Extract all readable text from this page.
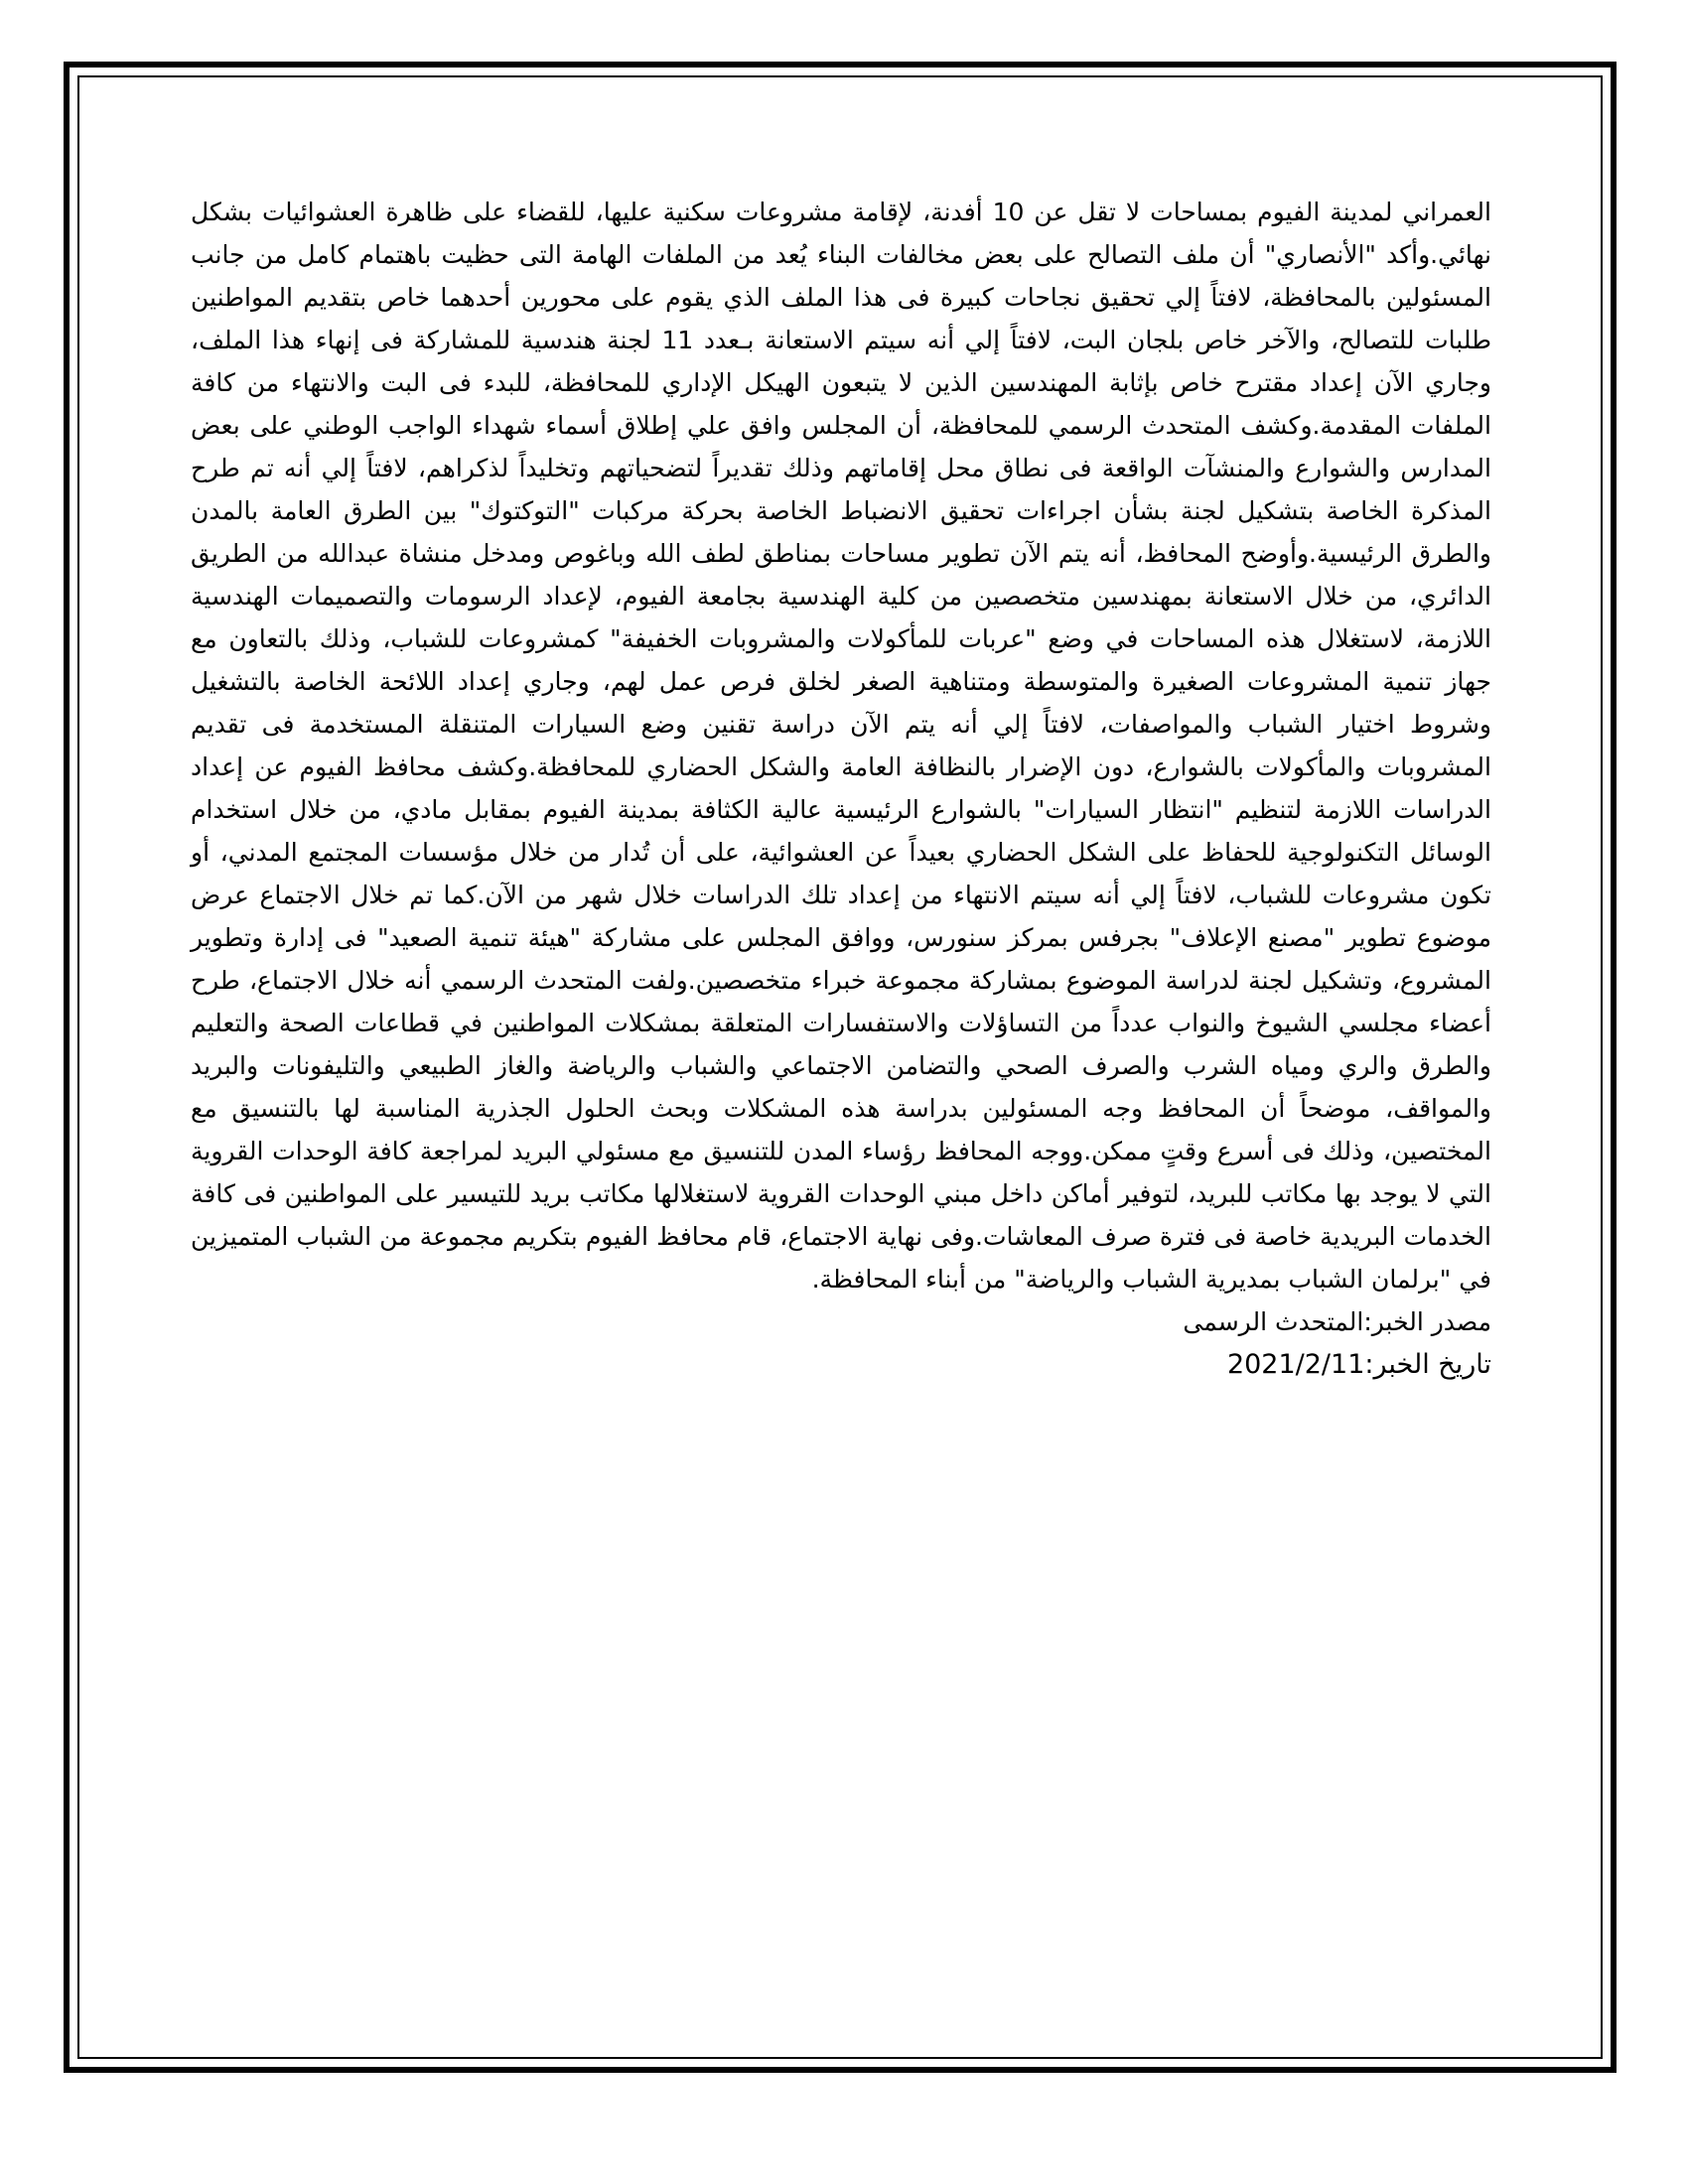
العمراني لمدينة الفيوم بمساحات لا تقل عن 10 أفدنة، لإقامة مشروعات سكنية عليها، للقضاء على ظاهرة العشوائيات بشكل نهائي.وأكد "الأنصاري" أن ملف التصالح على بعض مخالفات البناء يُعد من الملفات الهامة التى حظيت باهتمام كامل من جانب المسئولين بالمحافظة، لافتاً إلي تحقيق نجاحات كبيرة فى هذا الملف الذي يقوم على محورين أحدهما خاص بتقديم المواطنين طلبات للتصالح، والآخر خاص بلجان البت، لافتاً إلي أنه سيتم الاستعانة بـعدد 11 لجنة هندسية للمشاركة فى إنهاء هذا الملف، وجاري الآن إعداد مقترح خاص بإثابة المهندسين الذين لا يتبعون الهيكل الإداري للمحافظة، للبدء فى البت والانتهاء من كافة الملفات المقدمة.وكشف المتحدث الرسمي للمحافظة، أن المجلس وافق علي إطلاق أسماء شهداء الواجب الوطني على بعض المدارس والشوارع والمنشآت الواقعة فى نطاق محل إقاماتهم وذلك تقديراً لتضحياتهم وتخليداً لذكراهم، لافتاً إلي أنه تم طرح المذكرة الخاصة بتشكيل لجنة بشأن اجراءات تحقيق الانضباط الخاصة بحركة مركبات "التوكتوك" بين الطرق العامة بالمدن والطرق الرئيسية.وأوضح المحافظ، أنه يتم الآن تطوير مساحات بمناطق لطف الله وباغوص ومدخل منشاة عبدالله من الطريق الدائري، من خلال الاستعانة بمهندسين متخصصين من كلية الهندسية بجامعة الفيوم، لإعداد الرسومات والتصميمات الهندسية اللازمة، لاستغلال هذه المساحات في وضع "عربات للمأكولات والمشروبات الخفيفة" كمشروعات للشباب، وذلك بالتعاون مع جهاز تنمية المشروعات الصغيرة والمتوسطة ومتناهية الصغر لخلق فرص عمل لهم، وجاري إعداد اللائحة الخاصة بالتشغيل وشروط اختيار الشباب والمواصفات، لافتاً إلي أنه يتم الآن دراسة تقنين وضع السيارات المتنقلة المستخدمة فى تقديم المشروبات والمأكولات بالشوارع، دون الإضرار بالنظافة العامة والشكل الحضاري للمحافظة.وكشف محافظ الفيوم عن إعداد الدراسات اللازمة لتنظيم "انتظار السيارات" بالشوارع الرئيسية عالية الكثافة بمدينة الفيوم بمقابل مادي، من خلال استخدام الوسائل التكنولوجية للحفاظ على الشكل الحضاري بعيداً عن العشوائية، على أن تُدار من خلال مؤسسات المجتمع المدني، أو تكون مشروعات للشباب، لافتاً إلي أنه سيتم الانتهاء من إعداد تلك الدراسات خلال شهر من الآن.كما تم خلال الاجتماع عرض موضوع تطوير "مصنع الإعلاف" بجرفس بمركز سنورس، ووافق المجلس على مشاركة "هيئة تنمية الصعيد" فى إدارة وتطوير المشروع، وتشكيل لجنة لدراسة الموضوع بمشاركة مجموعة خبراء متخصصين.ولفت المتحدث الرسمي أنه خلال الاجتماع، طرح أعضاء مجلسي الشيوخ والنواب عدداً من التساؤلات والاستفسارات المتعلقة بمشكلات المواطنين في قطاعات الصحة والتعليم والطرق والري ومياه الشرب والصرف الصحي والتضامن الاجتماعي والشباب والرياضة والغاز الطبيعي والتليفونات والبريد والمواقف، موضحاً أن المحافظ وجه المسئولين بدراسة هذه المشكلات وبحث الحلول الجذرية المناسبة لها بالتنسيق مع المختصين، وذلك فى أسرع وقتٍ ممكن.ووجه المحافظ رؤساء المدن للتنسيق مع مسئولي البريد لمراجعة كافة الوحدات القروية التي لا يوجد بها مكاتب للبريد، لتوفير أماكن داخل مبني الوحدات القروية لاستغلالها مكاتب بريد للتيسير على المواطنين فى كافة الخدمات البريدية خاصة فى فترة صرف المعاشات.وفى نهاية الاجتماع، قام محافظ الفيوم بتكريم مجموعة من الشباب المتميزين في "برلمان الشباب بمديرية الشباب والرياضة" من أبناء المحافظة.

مصدر الخبر:المتحدث الرسمى

تاريخ الخبر:2021/2/11
